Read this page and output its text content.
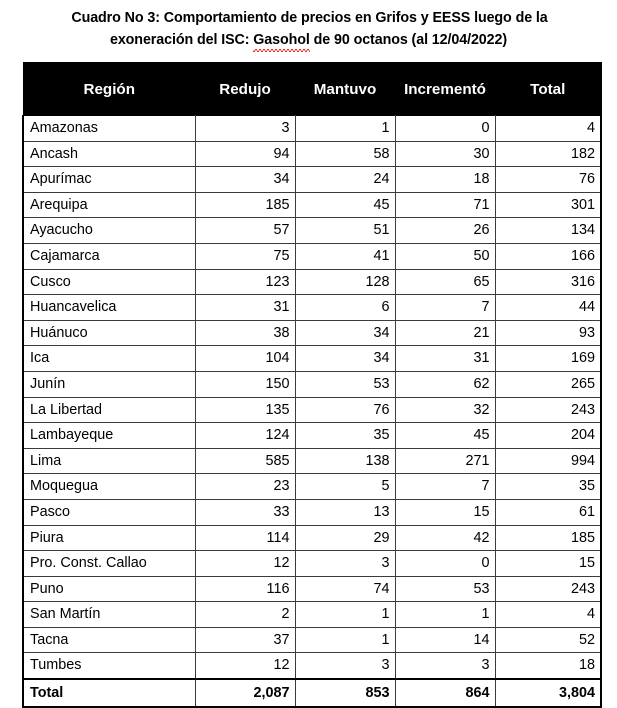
Cuadro No 3: Comportamiento de precios en Grifos y EESS luego de la
exoneración del ISC: Gasohol de 90 octanos (al 12/04/2022)
Región	Redujo	Mantuvo	Incrementó	Total
Amazonas	3	1	0	4
Ancash	94	58	30	182
Apurímac	34	24	18	76
Arequipa	185	45	71	301
Ayacucho	57	51	26	134
Cajamarca	75	41	50	166
Cusco	123	128	65	316
Huancavelica	31	6	7	44
Huánuco	38	34	21	93
Ica	104	34	31	169
Junín	150	53	62	265
La Libertad	135	76	32	243
Lambayeque	124	35	45	204
Lima	585	138	271	994
Moquegua	23	5	7	35
Pasco	33	13	15	61
Piura	114	29	42	185
Pro. Const. Callao	12	3	0	15
Puno	116	74	53	243
San Martín	2	1	1	4
Tacna	37	1	14	52
Tumbes	12	3	3	18
Total	2,087	853	864	3,804
